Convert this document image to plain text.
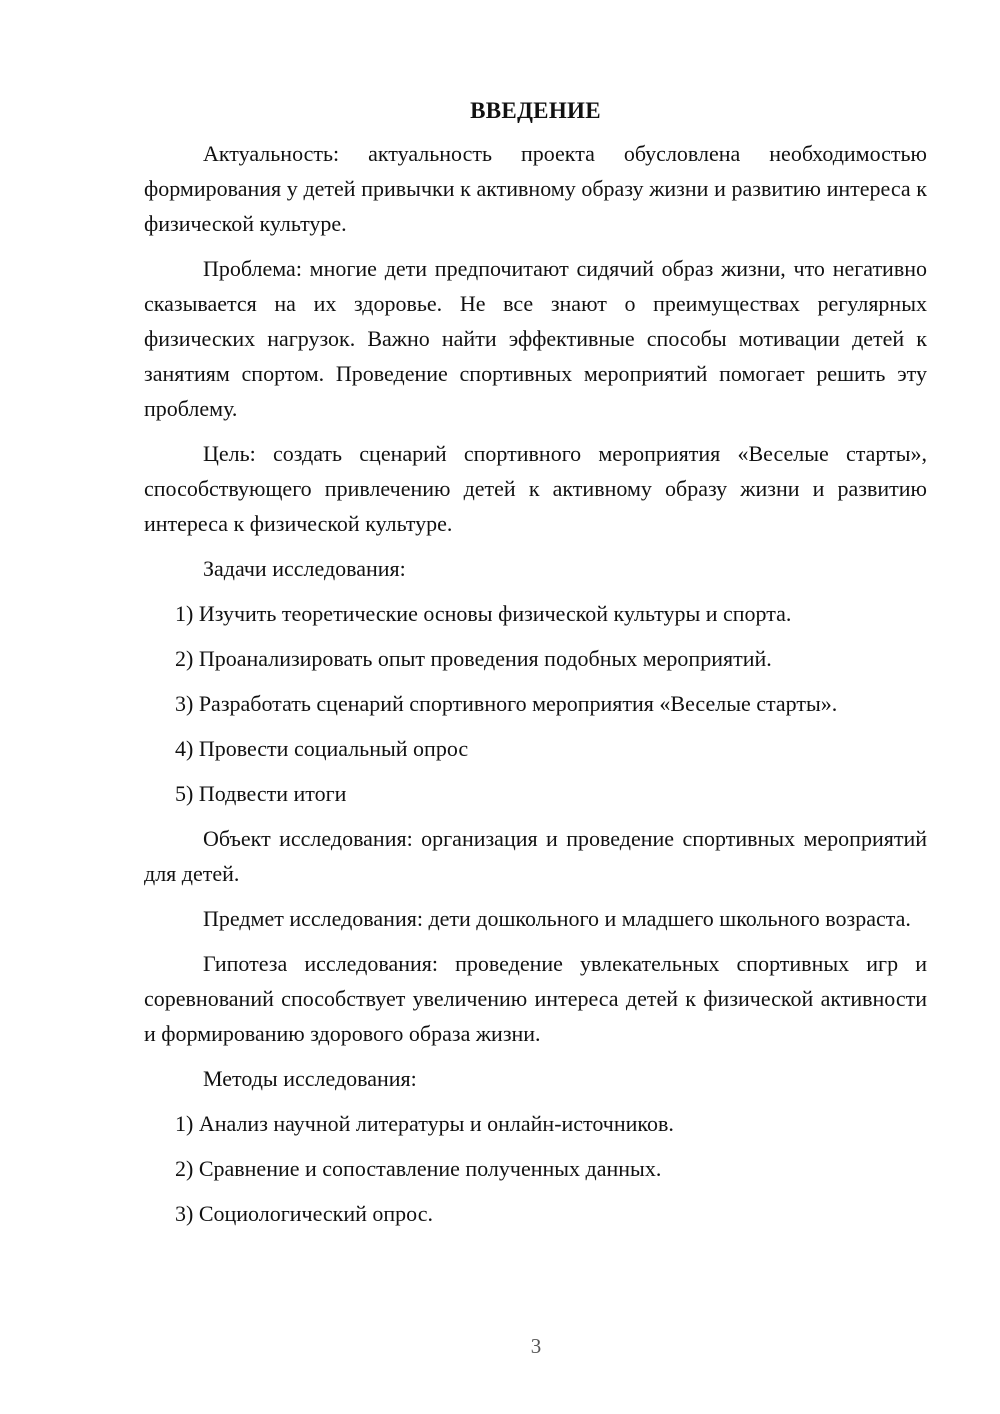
ВВЕДЕНИЕ

Актуальность: актуальность проекта обусловлена необходимостью формирования у детей привычки к активному образу жизни и развитию интереса к физической культуре.

Проблема: многие дети предпочитают сидячий образ жизни, что негативно сказывается на их здоровье. Не все знают о преимуществах регулярных физических нагрузок. Важно найти эффективные способы мотивации детей к занятиям спортом. Проведение спортивных мероприятий помогает решить эту проблему.

Цель: создать сценарий спортивного мероприятия «Веселые старты», способствующего привлечению детей к активному образу жизни и развитию интереса к физической культуре.

Задачи исследования:
1) Изучить теоретические основы физической культуры и спорта.
2) Проанализировать опыт проведения подобных мероприятий.
3) Разработать сценарий спортивного мероприятия «Веселые старты».
4) Провести социальный опрос
5) Подвести итоги

Объект исследования: организация и проведение спортивных мероприятий для детей.

Предмет исследования: дети дошкольного и младшего школьного возраста.

Гипотеза исследования: проведение увлекательных спортивных игр и соревнований способствует увеличению интереса детей к физической активности и формированию здорового образа жизни.

Методы исследования:
1) Анализ научной литературы и онлайн-источников.
2) Сравнение и сопоставление полученных данных.
3) Социологический опрос.
3
